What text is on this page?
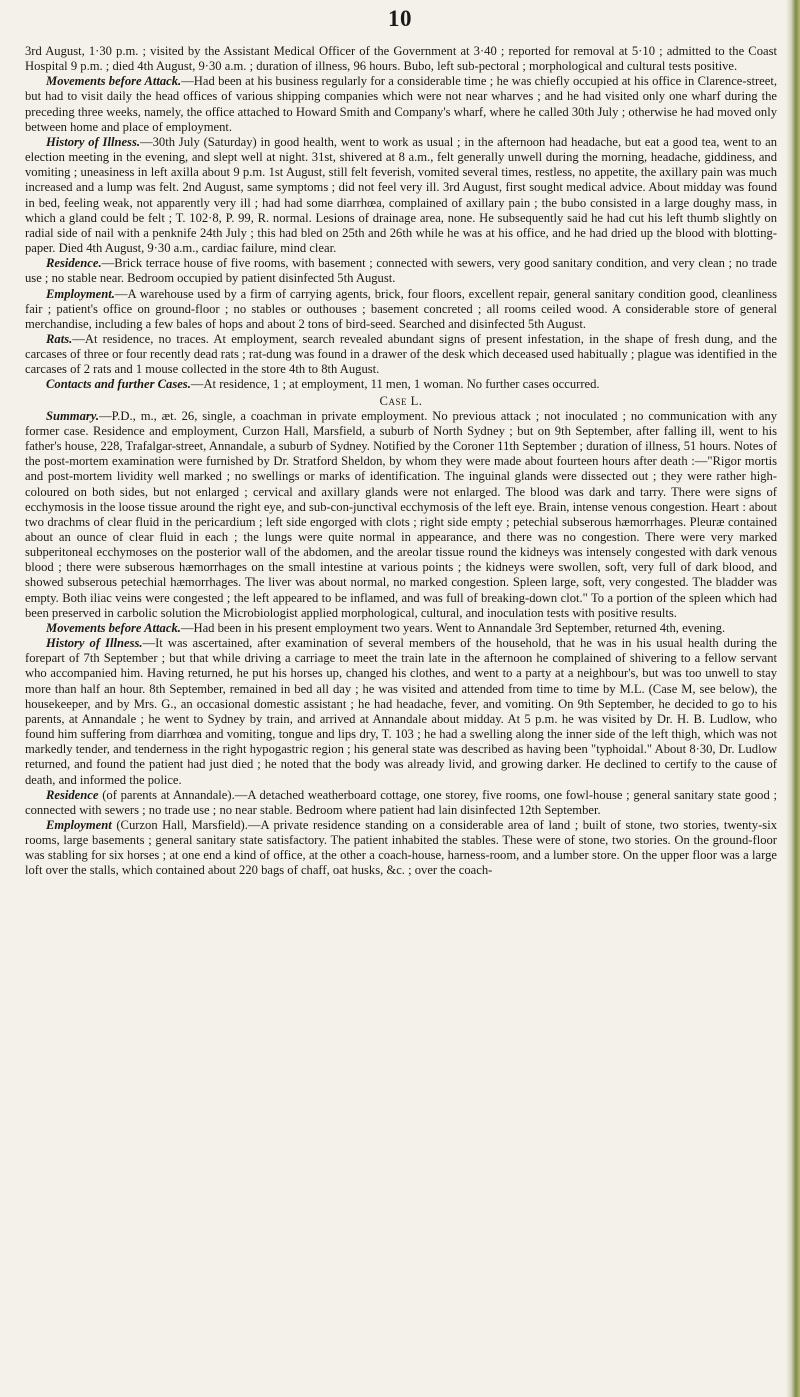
10

3rd August, 1·30 p.m. ; visited by the Assistant Medical Officer of the Government at 3·40 ; reported for removal at 5·10 ; admitted to the Coast Hospital 9 p.m. ; died 4th August, 9·30 a.m. ; duration of illness, 96 hours. Bubo, left sub-pectoral ; morphological and cultural tests positive.

Movements before Attack.—Had been at his business regularly for a considerable time ; he was chiefly occupied at his office in Clarence-street, but had to visit daily the head offices of various shipping companies which were not near wharves ; and he had visited only one wharf during the preceding three weeks, namely, the office attached to Howard Smith and Company's wharf, where he called 30th July ; otherwise he had moved only between home and place of employment.

History of Illness.—30th July (Saturday) in good health, went to work as usual ; in the afternoon had headache, but eat a good tea, went to an election meeting in the evening, and slept well at night. 31st, shivered at 8 a.m., felt generally unwell during the morning, headache, giddiness, and vomiting ; uneasiness in left axilla about 9 p.m. 1st August, still felt feverish, vomited several times, restless, no appetite, the axillary pain was much increased and a lump was felt. 2nd August, same symptoms ; did not feel very ill. 3rd August, first sought medical advice. About midday was found in bed, feeling weak, not apparently very ill ; had had some diarrhœa, complained of axillary pain ; the bubo consisted in a large doughy mass, in which a gland could be felt ; T. 102·8, P. 99, R. normal. Lesions of drainage area, none. He subsequently said he had cut his left thumb slightly on radial side of nail with a penknife 24th July ; this had bled on 25th and 26th while he was at his office, and he had dried up the blood with blotting-paper. Died 4th August, 9·30 a.m., cardiac failure, mind clear.

Residence.—Brick terrace house of five rooms, with basement ; connected with sewers, very good sanitary condition, and very clean ; no trade use ; no stable near. Bedroom occupied by patient disinfected 5th August.

Employment.—A warehouse used by a firm of carrying agents, brick, four floors, excellent repair, general sanitary condition good, cleanliness fair ; patient's office on ground-floor ; no stables or outhouses ; basement concreted ; all rooms ceiled wood. A considerable store of general merchandise, including a few bales of hops and about 2 tons of bird-seed. Searched and disinfected 5th August.

Rats.—At residence, no traces. At employment, search revealed abundant signs of present infestation, in the shape of fresh dung, and the carcases of three or four recently dead rats ; rat-dung was found in a drawer of the desk which deceased used habitually ; plague was identified in the carcases of 2 rats and 1 mouse collected in the store 4th to 8th August.

Contacts and further Cases.—At residence, 1 ; at employment, 11 men, 1 woman. No further cases occurred.

Case L.

Summary.—P.D., m., æt. 26, single, a coachman in private employment. No previous attack ; not inoculated ; no communication with any former case. Residence and employment, Curzon Hall, Marsfield, a suburb of North Sydney ; but on 9th September, after falling ill, went to his father's house, 228, Trafalgar-street, Annandale, a suburb of Sydney. Notified by the Coroner 11th September ; duration of illness, 51 hours. Notes of the post-mortem examination were furnished by Dr. Stratford Sheldon, by whom they were made about fourteen hours after death :—"Rigor mortis and post-mortem lividity well marked ; no swellings or marks of identification. The inguinal glands were dissected out ; they were rather high-coloured on both sides, but not enlarged ; cervical and axillary glands were not enlarged. The blood was dark and tarry. There were signs of ecchymosis in the loose tissue around the right eye, and sub-con-junctival ecchymosis of the left eye. Brain, intense venous congestion. Heart : about two drachms of clear fluid in the pericardium ; left side engorged with clots ; right side empty ; petechial subserous hæmorrhages. Pleuræ contained about an ounce of clear fluid in each ; the lungs were quite normal in appearance, and there was no congestion. There were very marked subperitoneal ecchymoses on the posterior wall of the abdomen, and the areolar tissue round the kidneys was intensely congested with dark venous blood ; there were subserous hæmorrhages on the small intestine at various points ; the kidneys were swollen, soft, very full of dark blood, and showed subserous petechial hæmorrhages. The liver was about normal, no marked congestion. Spleen large, soft, very congested. The bladder was empty. Both iliac veins were congested ; the left appeared to be inflamed, and was full of breaking-down clot." To a portion of the spleen which had been preserved in carbolic solution the Microbiologist applied morphological, cultural, and inoculation tests with positive results.

Movements before Attack.—Had been in his present employment two years. Went to Annandale 3rd September, returned 4th, evening.

History of Illness.—It was ascertained, after examination of several members of the household, that he was in his usual health during the forepart of 7th September ; but that while driving a carriage to meet the train late in the afternoon he complained of shivering to a fellow servant who accompanied him. Having returned, he put his horses up, changed his clothes, and went to a party at a neighbour's, but was too unwell to stay more than half an hour. 8th September, remained in bed all day ; he was visited and attended from time to time by M.L. (Case M, see below), the housekeeper, and by Mrs. G., an occasional domestic assistant ; he had headache, fever, and vomiting. On 9th September, he decided to go to his parents, at Annandale ; he went to Sydney by train, and arrived at Annandale about midday. At 5 p.m. he was visited by Dr. H. B. Ludlow, who found him suffering from diarrhœa and vomiting, tongue and lips dry, T. 103 ; he had a swelling along the inner side of the left thigh, which was not markedly tender, and tenderness in the right hypogastric region ; his general state was described as having been "typhoidal." About 8·30, Dr. Ludlow returned, and found the patient had just died ; he noted that the body was already livid, and growing darker. He declined to certify to the cause of death, and informed the police.

Residence (of parents at Annandale).—A detached weatherboard cottage, one storey, five rooms, one fowl-house ; general sanitary state good ; connected with sewers ; no trade use ; no near stable. Bedroom where patient had lain disinfected 12th September.

Employment (Curzon Hall, Marsfield).—A private residence standing on a considerable area of land ; built of stone, two stories, twenty-six rooms, large basements ; general sanitary state satisfactory. The patient inhabited the stables. These were of stone, two stories. On the ground-floor was stabling for six horses ; at one end a kind of office, at the other a coach-house, harness-room, and a lumber store. On the upper floor was a large loft over the stalls, which contained about 220 bags of chaff, oat husks, &c. ; over the coach-
